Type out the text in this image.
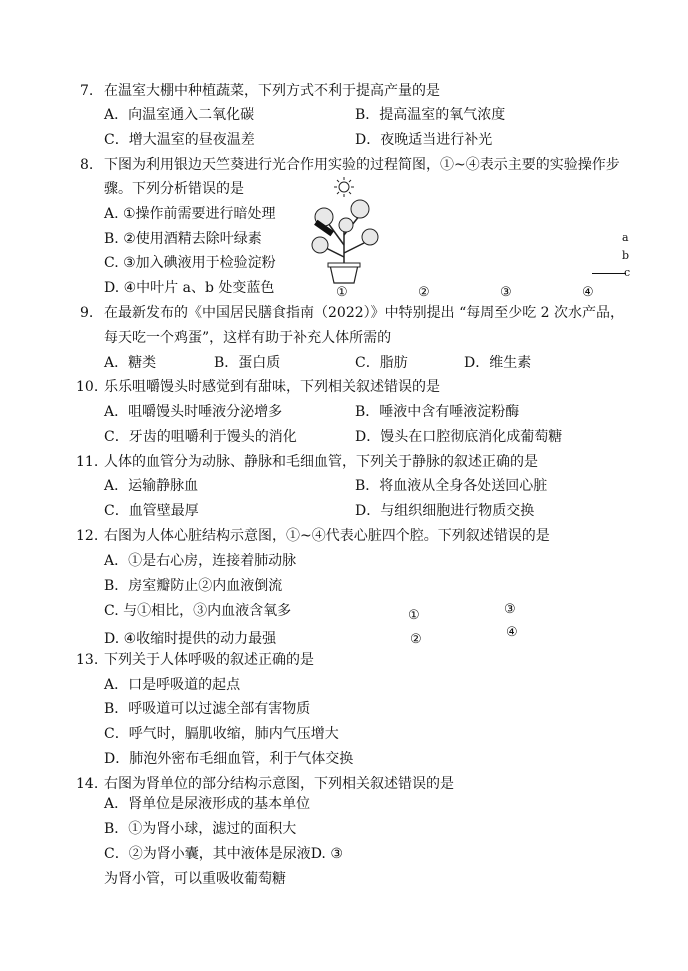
7. 在温室大棚中种植蔬菜，下列方式不利于提高产量的是
A．向温室通入二氧化碳	B．提高温室的氧气浓度
C．增大温室的昼夜温差	D．夜晚适当进行补光
8. 下图为利用银边天竺葵进行光合作用实验的过程简图，①~④表示主要的实验操作步
骤。下列分析错误的是
A. ①操作前需要进行暗处理
B. ②使用酒精去除叶绿素
C. ③加入碘液用于检验淀粉
D. ④中叶片 a、b 处变蓝色	①	②	③	④
a
b
c
9. 在最新发布的《中国居民膳食指南（2022）》中特别提出 “每周至少吃 2 次水产品，
每天吃一个鸡蛋”，这样有助于补充人体所需的
A．糖类	B．蛋白质	C．脂肪	D．维生素
10. 乐乐咀嚼馒头时感觉到有甜味，下列相关叙述错误的是
A．咀嚼馒头时唾液分泌增多	B．唾液中含有唾液淀粉酶
C．牙齿的咀嚼利于馒头的消化	D．馒头在口腔彻底消化成葡萄糖
11. 人体的血管分为动脉、静脉和毛细血管，下列关于静脉的叙述正确的是
A．运输静脉血	B．将血液从全身各处送回心脏
C．血管壁最厚	D．与组织细胞进行物质交换
12. 右图为人体心脏结构示意图，①~④代表心脏四个腔。下列叙述错误的是
A．①是右心房，连接着肺动脉
B．房室瓣防止②内血液倒流
C. 与①相比，③内血液含氧多
D. ④收缩时提供的动力最强
①
②
③
④
13. 下列关于人体呼吸的叙述正确的是
A．口是呼吸道的起点
B．呼吸道可以过滤全部有害物质
C．呼气时，膈肌收缩，肺内气压增大
D．肺泡外密布毛细血管，利于气体交换
14. 右图为肾单位的部分结构示意图，下列相关叙述错误的是
A．肾单位是尿液形成的基本单位
B．①为肾小球，滤过的面积大
C．②为肾小囊，其中液体是尿液D. ③
为肾小管，可以重吸收葡萄糖
